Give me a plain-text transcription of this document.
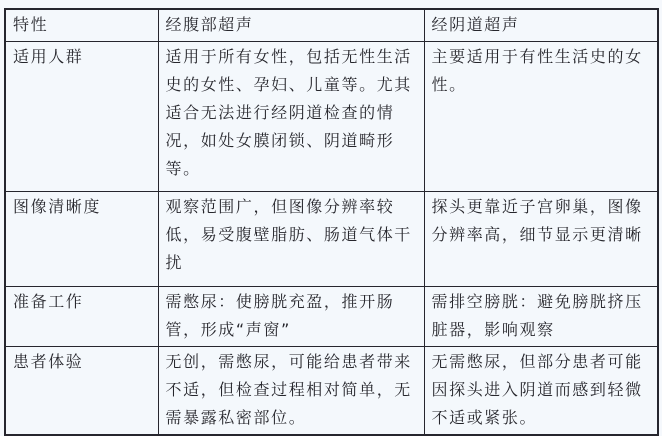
特性	经腹部超声	经阴道超声
适用人群	适用于所有女性，包括无性生活史的女性、孕妇、儿童等。尤其适合无法进行经阴道检查的情况，如处女膜闭锁、阴道畸形等。	主要适用于有性生活史的女性。
图像清晰度	观察范围广，但图像分辨率较低，易受腹壁脂肪、肠道气体干扰	探头更靠近子宫卵巢，图像分辨率高，细节显示更清晰
准备工作	需憋尿：使膀胱充盈，推开肠管，形成“声窗”	需排空膀胱：避免膀胱挤压脏器，影响观察
患者体验	无创，需憋尿，可能给患者带来不适，但检查过程相对简单，无需暴露私密部位。	无需憋尿，但部分患者可能因探头进入阴道而感到轻微不适或紧张。
